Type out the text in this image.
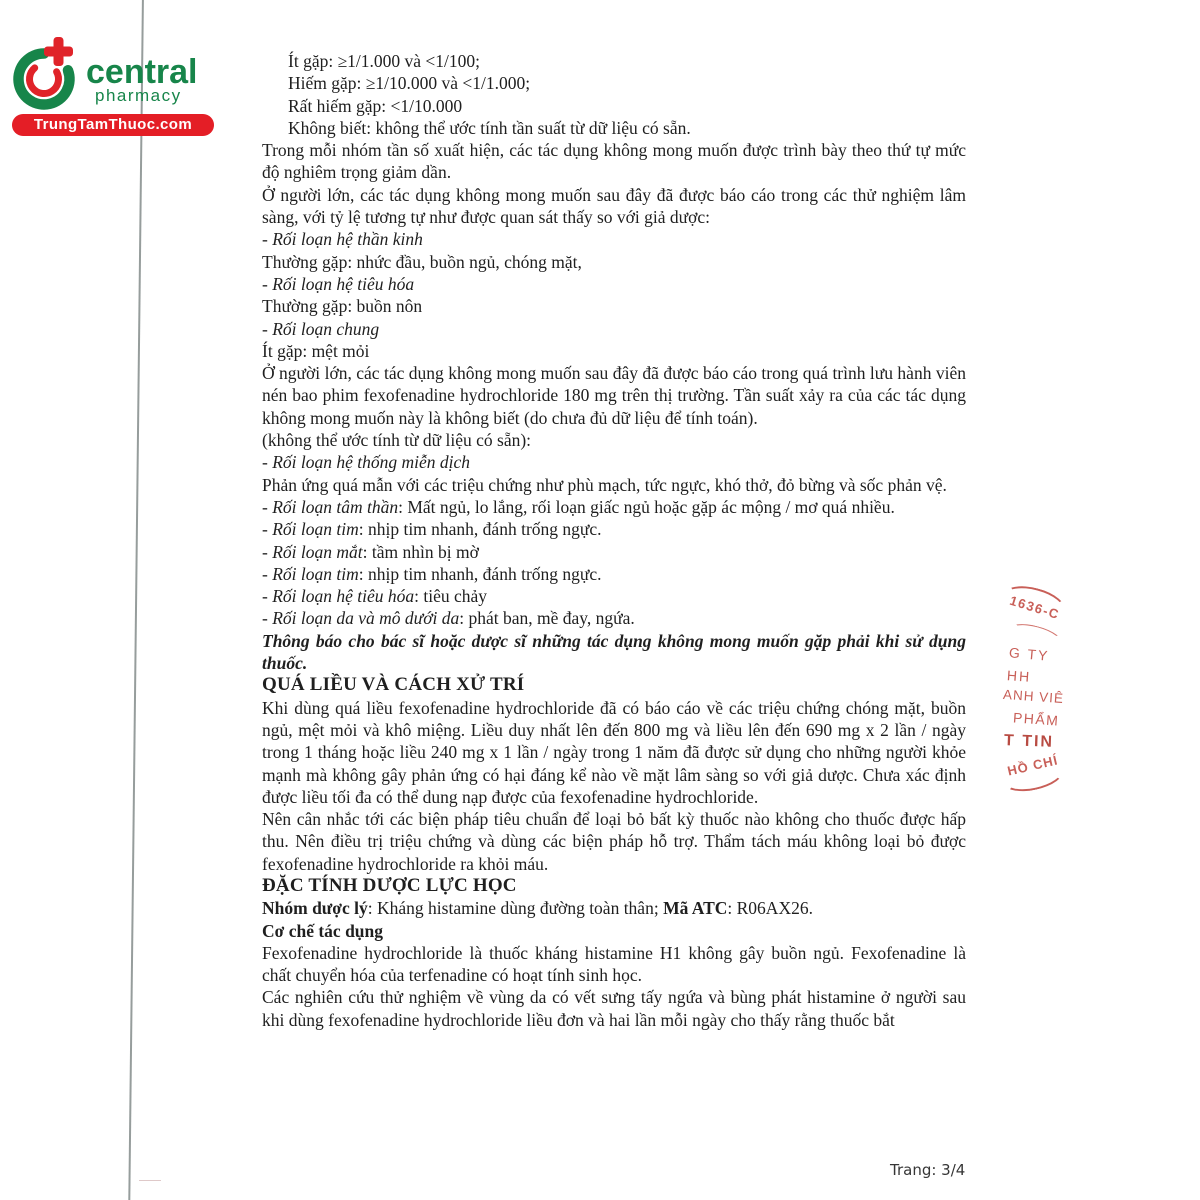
central
pharmacy
TrungTamThuoc.com
Ít gặp: ≥1/1.000 và <1/100;
Hiếm gặp: ≥1/10.000 và <1/1.000;
Rất hiếm gặp: <1/10.000
Không biết: không thể ước tính tần suất từ dữ liệu có sẵn.
Trong mỗi nhóm tần số xuất hiện, các tác dụng không mong muốn được trình bày theo thứ tự mức độ nghiêm trọng giảm dần.
Ở người lớn, các tác dụng không mong muốn sau đây đã được báo cáo trong các thử nghiệm lâm sàng, với tỷ lệ tương tự như được quan sát thấy so với giả dược:
- Rối loạn hệ thần kinh
Thường gặp: nhức đầu, buồn ngủ, chóng mặt,
- Rối loạn hệ tiêu hóa
Thường gặp: buồn nôn
- Rối loạn chung
Ít gặp: mệt mỏi
Ở người lớn, các tác dụng không mong muốn sau đây đã được báo cáo trong quá trình lưu hành viên nén bao phim fexofenadine hydrochloride 180 mg trên thị trường. Tần suất xảy ra của các tác dụng không mong muốn này là không biết (do chưa đủ dữ liệu để tính toán).
(không thể ước tính từ dữ liệu có sẵn):
- Rối loạn hệ thống miễn dịch
Phản ứng quá mẫn với các triệu chứng như phù mạch, tức ngực, khó thở, đỏ bừng và sốc phản vệ.
- Rối loạn tâm thần: Mất ngủ, lo lắng, rối loạn giấc ngủ hoặc gặp ác mộng / mơ quá nhiều.
- Rối loạn tim: nhịp tim nhanh, đánh trống ngực.
- Rối loạn mắt: tầm nhìn bị mờ
- Rối loạn tim: nhịp tim nhanh, đánh trống ngực.
- Rối loạn hệ tiêu hóa: tiêu chảy
- Rối loạn da và mô dưới da: phát ban, mề đay, ngứa.
Thông báo cho bác sĩ hoặc dược sĩ những tác dụng không mong muốn gặp phải khi sử dụng thuốc.
QUÁ LIỀU VÀ CÁCH XỬ TRÍ
Khi dùng quá liều fexofenadine hydrochloride đã có báo cáo về các triệu chứng chóng mặt, buồn ngủ, mệt mỏi và khô miệng. Liều duy nhất lên đến 800 mg và liều lên đến 690 mg x 2 lần / ngày trong 1 tháng hoặc liều 240 mg x 1 lần / ngày trong 1 năm đã được sử dụng cho những người khỏe mạnh mà không gây phản ứng có hại đáng kể nào về mặt lâm sàng so với giả dược. Chưa xác định được liều tối đa có thể dung nạp được của fexofenadine hydrochloride.
Nên cân nhắc tới các biện pháp tiêu chuẩn để loại bỏ bất kỳ thuốc nào không cho thuốc được hấp thu. Nên điều trị triệu chứng và dùng các biện pháp hỗ trợ. Thẩm tách máu không loại bỏ được fexofenadine hydrochloride ra khỏi máu.
ĐẶC TÍNH DƯỢC LỰC HỌC
Nhóm dược lý: Kháng histamine dùng đường toàn thân; Mã ATC: R06AX26.
Cơ chế tác dụng
Fexofenadine hydrochloride là thuốc kháng histamine H1 không gây buồn ngủ. Fexofenadine là chất chuyển hóa của terfenadine có hoạt tính sinh học.
Các nghiên cứu thử nghiệm về vùng da có vết sưng tấy ngứa và bùng phát histamine ở người sau khi dùng fexofenadine hydrochloride liều đơn và hai lần mỗi ngày cho thấy rằng thuốc bắt
1636-C
G TY
HH
ANH VIÊ
PHẨM
T TIN
HỒ CHÍ
Trang: 3/4
